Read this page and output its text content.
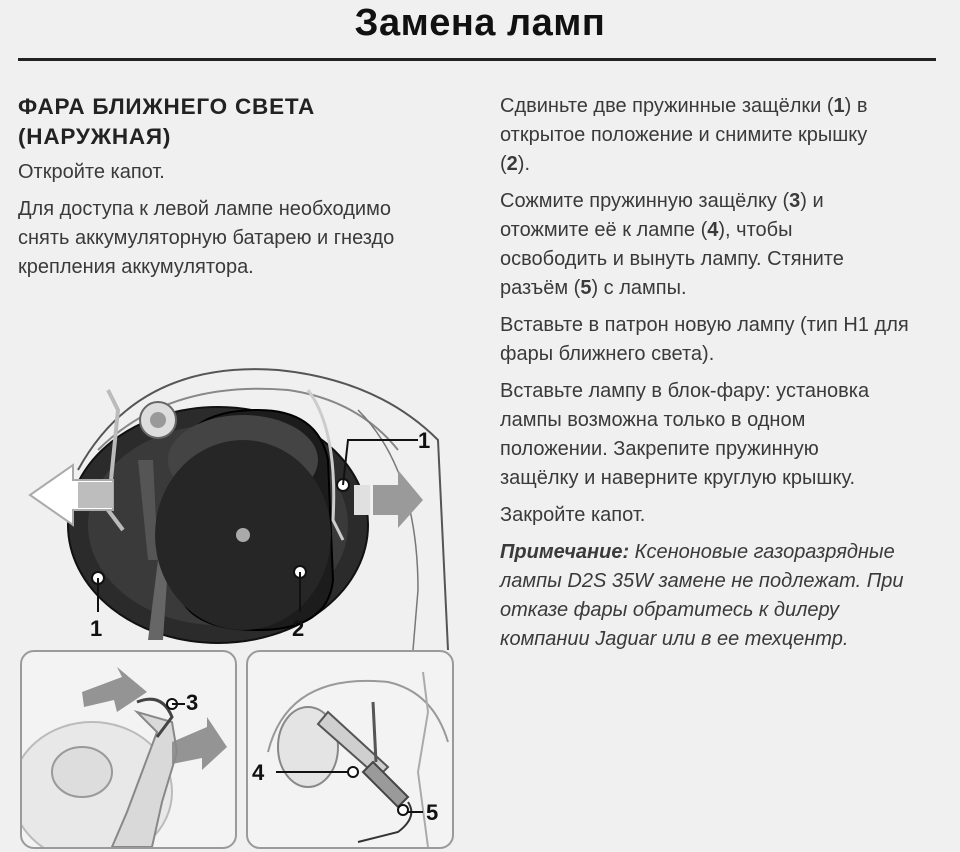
Замена ламп
ФАРА БЛИЖНЕГО СВЕТА
(НАРУЖНАЯ)

Откройте капот.

Для доступа к левой лампе необходимо снять аккумуляторную батарею и гнездо крепления аккумулятора.

Сдвиньте две пружинные защёлки (1) в открытое положение и снимите крышку (2).

Сожмите пружинную защёлку (3) и отожмите её к лампе (4), чтобы освободить и вынуть лампу. Стяните разъём (5) с лампы.

Вставьте в патрон новую лампу (тип H1 для фары ближнего света).

Вставьте лампу в блок-фару: установка лампы возможна только в одном положении. Закрепите пружинную защёлку и наверните круглую крышку.

Закройте капот.

Примечание: Ксеноновые газоразрядные лампы D2S 35W замене не подлежат. При отказе фары обратитесь к дилеру компании Jaguar или в ее техцентр.

1
1	2
3
4
5
